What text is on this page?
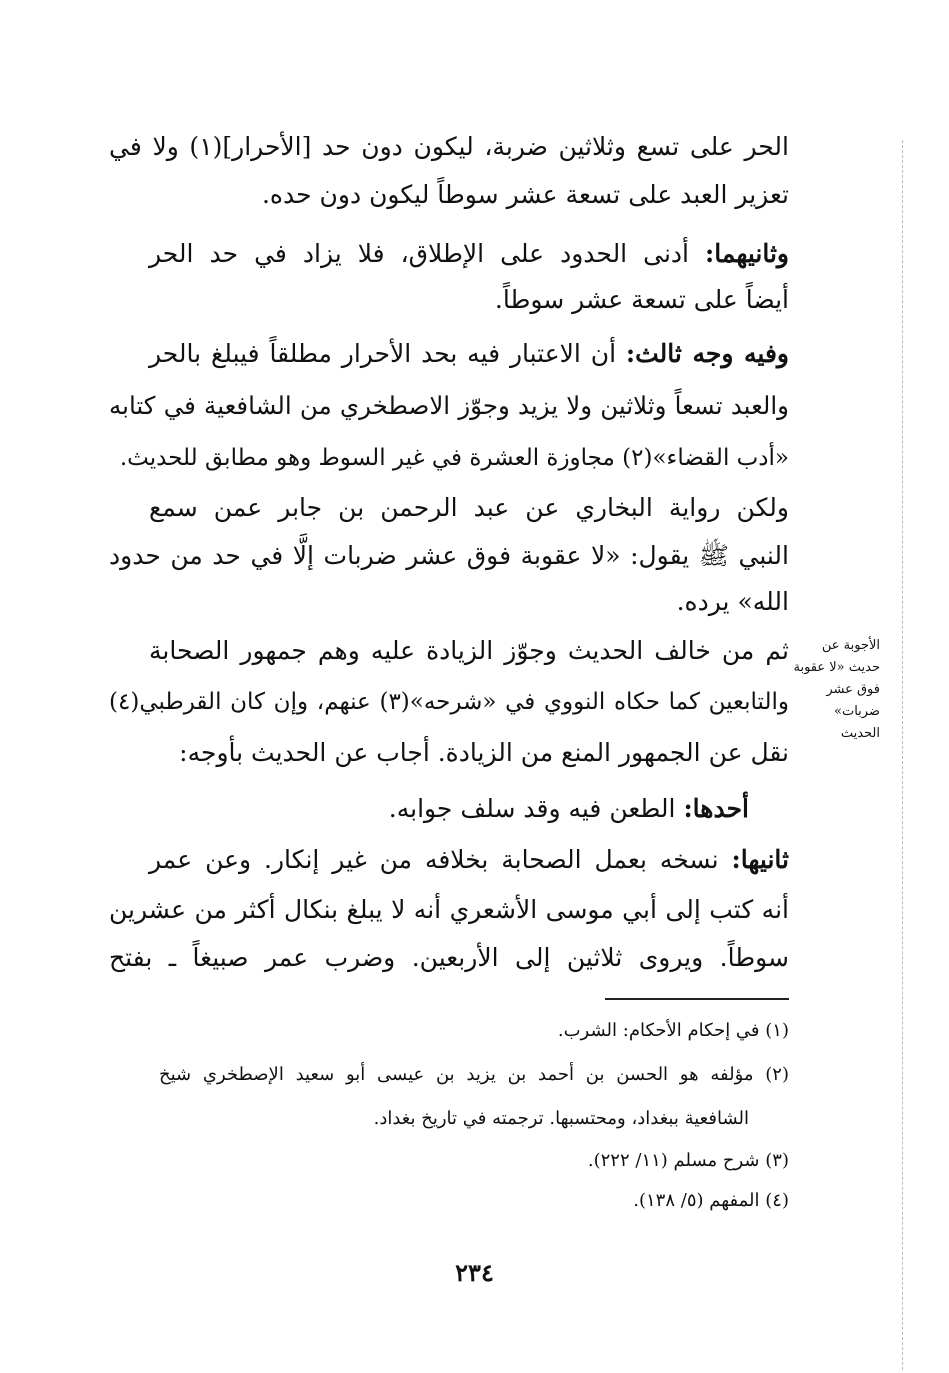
الحر على تسع وثلاثين ضربة، ليكون دون حد [الأحرار](١) ولا في
تعزير العبد على تسعة عشر سوطاً ليكون دون حده.
وثانيهما: أدنى الحدود على الإطلاق، فلا يزاد في حد الحر
أيضاً على تسعة عشر سوطاً.
وفيه وجه ثالث: أن الاعتبار فيه بحد الأحرار مطلقاً فيبلغ بالحر
والعبد تسعاً وثلاثين ولا يزيد وجوّز الاصطخري من الشافعية في كتابه
«أدب القضاء»(٢) مجاوزة العشرة في غير السوط وهو مطابق للحديث.
ولكن رواية البخاري عن عبد الرحمن بن جابر عمن سمع
النبي ﷺ يقول: «لا عقوبة فوق عشر ضربات إلَّا في حد من حدود
الله» يرده.
ثم من خالف الحديث وجوّز الزيادة عليه وهم جمهور الصحابة
والتابعين كما حكاه النووي في «شرحه»(٣) عنهم، وإن كان القرطبي(٤)
نقل عن الجمهور المنع من الزيادة. أجاب عن الحديث بأوجه:
أحدها: الطعن فيه وقد سلف جوابه.
ثانيها: نسخه بعمل الصحابة بخلافه من غير إنكار. وعن عمر
أنه كتب إلى أبي موسى الأشعري أنه لا يبلغ بنكال أكثر من عشرين
سوطاً. ويروى ثلاثين إلى الأربعين. وضرب عمر صبيغاً ـ بفتح
الأجوبة عن
حديث «لا عقوبة
فوق عشر
ضربات»
الحديث
(١) في إحكام الأحكام: الشرب.
(٢) مؤلفه هو الحسن بن أحمد بن يزيد بن عيسى أبو سعيد الإصطخري شيخ
الشافعية ببغداد، ومحتسبها. ترجمته في تاريخ بغداد.
(٣) شرح مسلم (١١/ ٢٢٢).
(٤) المفهم (٥/ ١٣٨).
٢٣٤
